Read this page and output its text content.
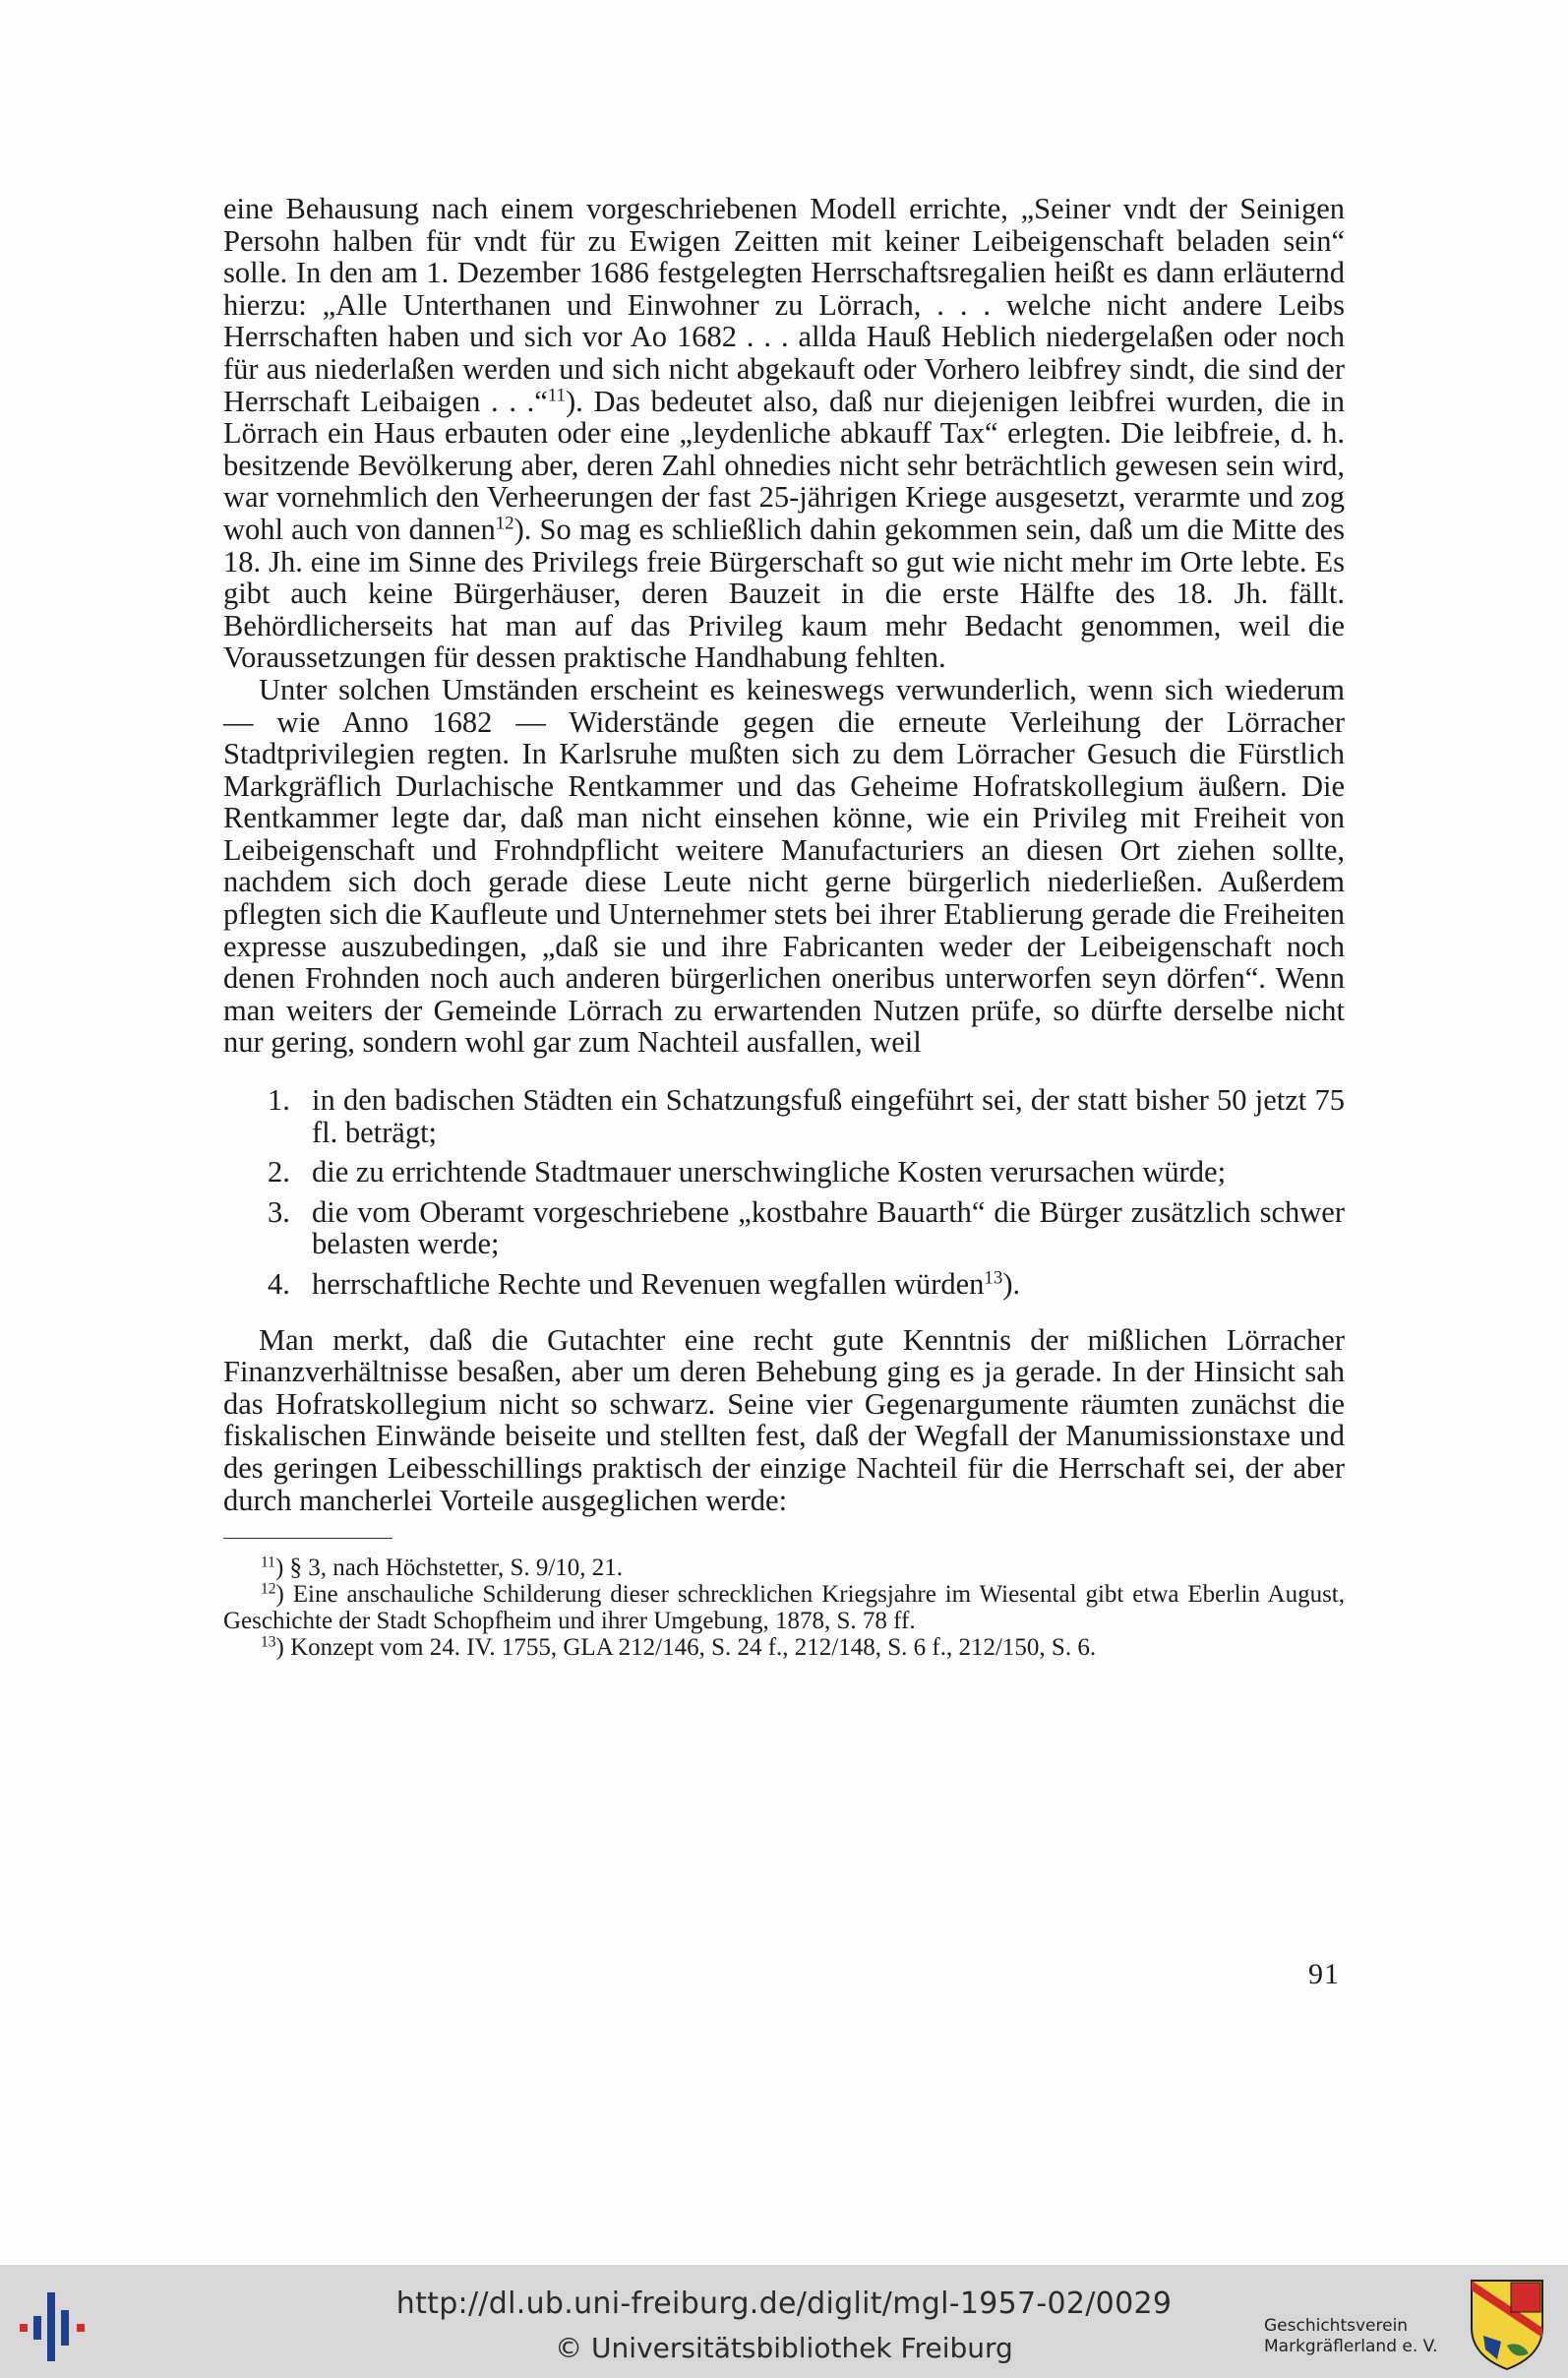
eine Behausung nach einem vorgeschriebenen Modell errichte, „Seiner vndt der Seinigen Persohn halben für vndt für zu Ewigen Zeitten mit keiner Leibeigenschaft beladen sein“ solle. In den am 1. Dezember 1686 festgelegten Herrschaftsregalien heißt es dann erläuternd hierzu: „Alle Unterthanen und Einwohner zu Lörrach, . . . welche nicht andere Leibs Herrschaften haben und sich vor Ao 1682 . . . allda Hauß Heblich niedergelaßen oder noch für aus niederlaßen werden und sich nicht abgekauft oder Vorhero leibfrey sindt, die sind der Herrschaft Leibaigen . . .“$^{11}$). Das bedeutet also, daß nur diejenigen leibfrei wurden, die in Lörrach ein Haus erbauten oder eine „leydenliche abkauff Tax“ erlegten. Die leibfreie, d. h. besitzende Bevölkerung aber, deren Zahl ohnedies nicht sehr beträchtlich gewesen sein wird, war vornehmlich den Verheerungen der fast 25-jährigen Kriege ausgesetzt, verarmte und zog wohl auch von dannen$^{12}$). So mag es schließlich dahin gekommen sein, daß um die Mitte des 18. Jh. eine im Sinne des Privilegs freie Bürgerschaft so gut wie nicht mehr im Orte lebte. Es gibt auch keine Bürgerhäuser, deren Bauzeit in die erste Hälfte des 18. Jh. fällt. Behördlicherseits hat man auf das Privileg kaum mehr Bedacht genommen, weil die Voraussetzungen für dessen praktische Handhabung fehlten.

Unter solchen Umständen erscheint es keineswegs verwunderlich, wenn sich wiederum — wie Anno 1682 — Widerstände gegen die erneute Verleihung der Lörracher Stadtprivilegien regten. In Karlsruhe mußten sich zu dem Lörracher Gesuch die Fürstlich Markgräflich Durlachische Rentkammer und das Geheime Hofratskollegium äußern. Die Rentkammer legte dar, daß man nicht einsehen könne, wie ein Privileg mit Freiheit von Leibeigenschaft und Frohndpflicht weitere Manufacturiers an diesen Ort ziehen sollte, nachdem sich doch gerade diese Leute nicht gerne bürgerlich niederließen. Außerdem pflegten sich die Kaufleute und Unternehmer stets bei ihrer Etablierung gerade die Freiheiten expresse auszubedingen, „daß sie und ihre Fabricanten weder der Leibeigenschaft noch denen Frohnden noch auch anderen bürgerlichen oneribus unterworfen seyn dörfen“. Wenn man weiters der Gemeinde Lörrach zu erwartenden Nutzen prüfe, so dürfte derselbe nicht nur gering, sondern wohl gar zum Nachteil ausfallen, weil

1. in den badischen Städten ein Schatzungsfuß eingeführt sei, der statt bisher 50 jetzt 75 fl. beträgt;
2. die zu errichtende Stadtmauer unerschwingliche Kosten verursachen würde;
3. die vom Oberamt vorgeschriebene „kostbahre Bauarth“ die Bürger zusätzlich schwer belasten werde;
4. herrschaftliche Rechte und Revenuen wegfallen würden$^{13}$).

Man merkt, daß die Gutachter eine recht gute Kenntnis der mißlichen Lörracher Finanzverhältnisse besaßen, aber um deren Behebung ging es ja gerade. In der Hinsicht sah das Hofratskollegium nicht so schwarz. Seine vier Gegenargumente räumten zunächst die fiskalischen Einwände beiseite und stellten fest, daß der Wegfall der Manumissionstaxe und des geringen Leibesschillings praktisch der einzige Nachteil für die Herrschaft sei, der aber durch mancherlei Vorteile ausgeglichen werde:

$^{11}$) § 3, nach Höchstetter, S. 9/10, 21.

$^{12}$) Eine anschauliche Schilderung dieser schrecklichen Kriegsjahre im Wiesental gibt etwa Eberlin August, Geschichte der Stadt Schopfheim und ihrer Umgebung, 1878, S. 78 ff.

$^{13}$) Konzept vom 24. IV. 1755, GLA 212/146, S. 24 f., 212/148, S. 6 f., 212/150, S. 6.

91
http://dl.ub.uni-freiburg.de/diglit/mgl-1957-02/0029
© Universitätsbibliothek Freiburg
Geschichtsverein
Markgräflerland e. V.
